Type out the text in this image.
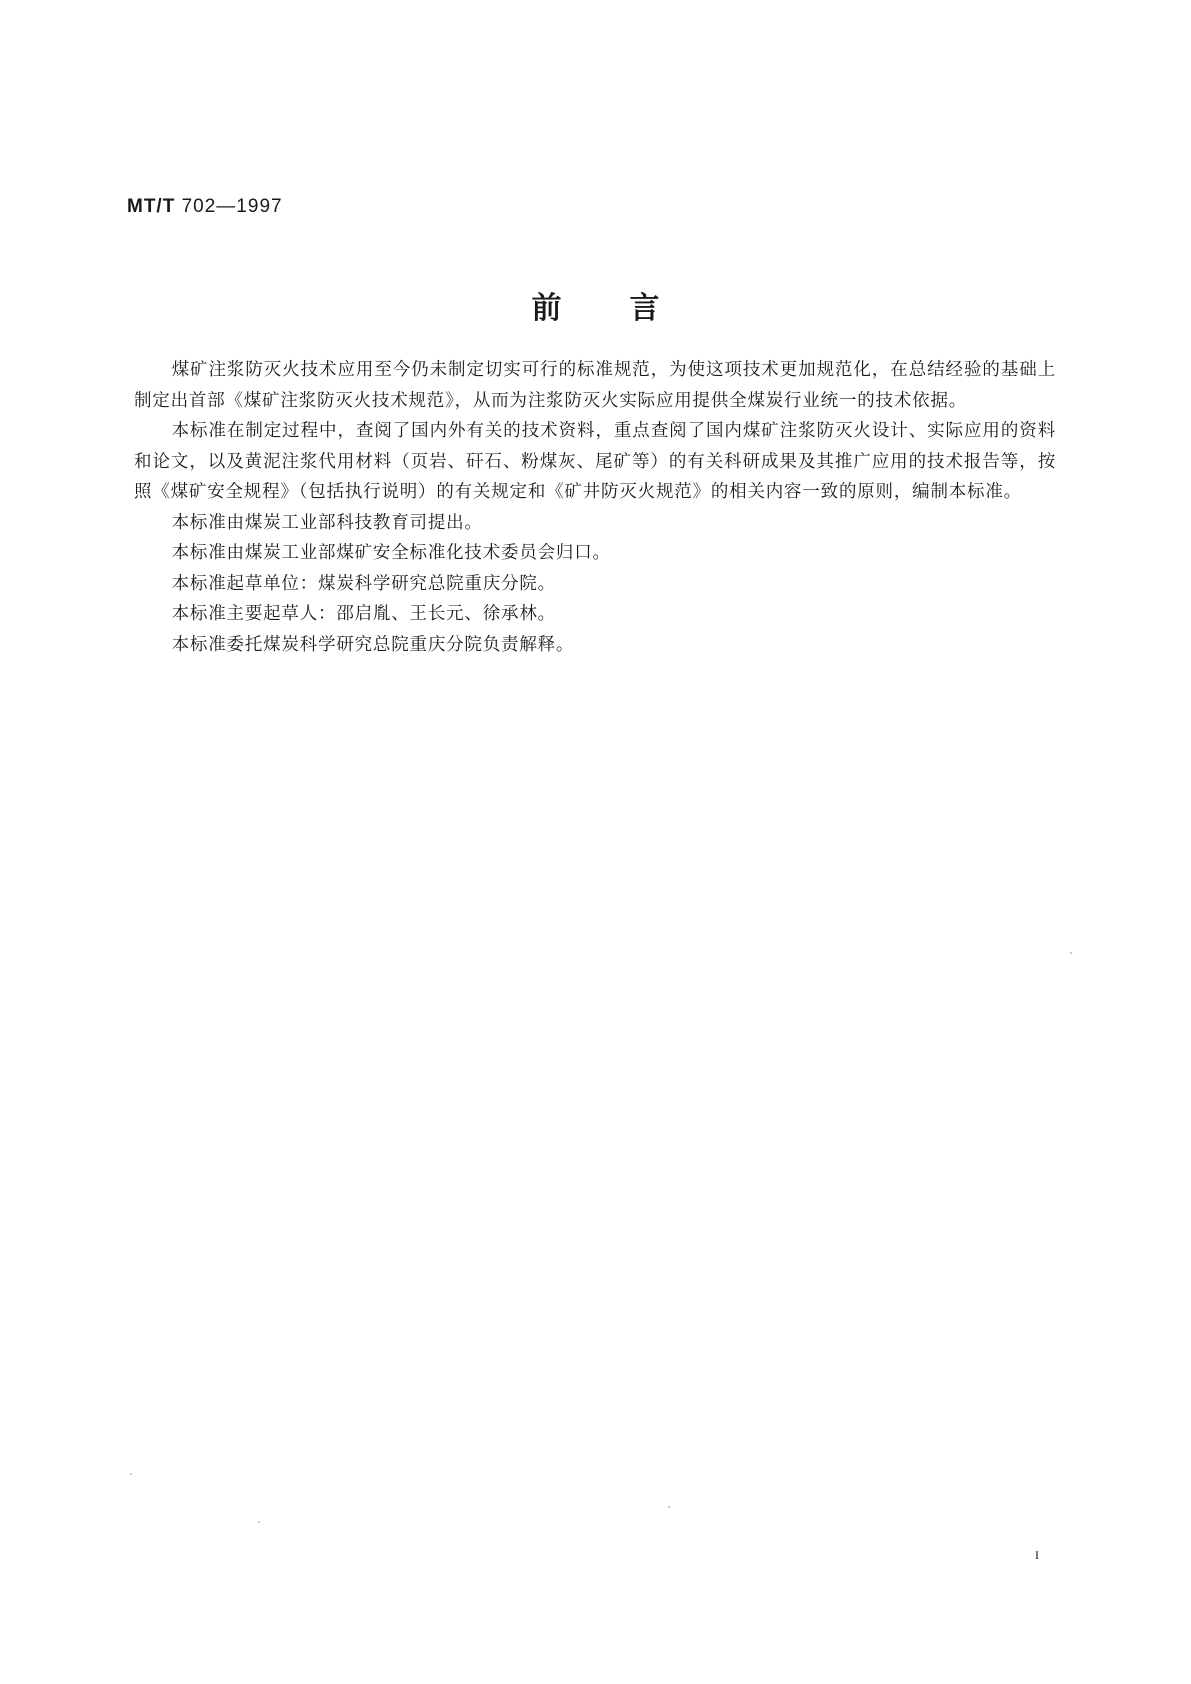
MT/T 702—1997
前言

煤矿注浆防灭火技术应用至今仍未制定切实可行的标准规范，为使这项技术更加规范化，在总结经验的基础上制定出首部《煤矿注浆防灭火技术规范》，从而为注浆防灭火实际应用提供全煤炭行业统一的技术依据。

本标准在制定过程中，查阅了国内外有关的技术资料，重点查阅了国内煤矿注浆防灭火设计、实际应用的资料和论文，以及黄泥注浆代用材料（页岩、矸石、粉煤灰、尾矿等）的有关科研成果及其推广应用的技术报告等，按照《煤矿安全规程》（包括执行说明）的有关规定和《矿井防灭火规范》的相关内容一致的原则，编制本标准。

本标准由煤炭工业部科技教育司提出。

本标准由煤炭工业部煤矿安全标准化技术委员会归口。

本标准起草单位：煤炭科学研究总院重庆分院。

本标准主要起草人：邵启胤、王长元、徐承林。

本标准委托煤炭科学研究总院重庆分院负责解释。

I
